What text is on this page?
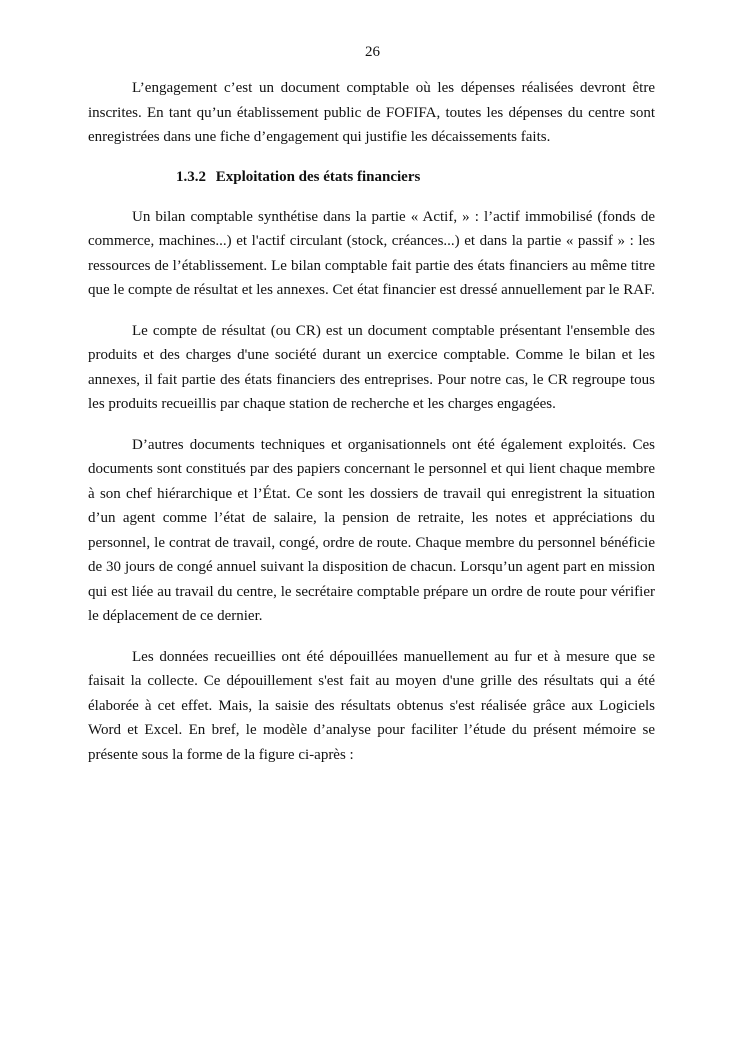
26

L’engagement c’est un document comptable où les dépenses réalisées devront être inscrites. En tant qu’un établissement public de FOFIFA, toutes les dépenses du centre sont enregistrées dans une fiche d’engagement qui justifie les décaissements faits.

1.3.2 Exploitation des états financiers

Un bilan comptable synthétise dans la partie « Actif, » : l’actif immobilisé (fonds de commerce, machines...) et l'actif circulant (stock, créances...) et dans la partie « passif » : les ressources de l’établissement. Le bilan comptable fait partie des états financiers au même titre que le compte de résultat et les annexes. Cet état financier est dressé annuellement par le RAF.

Le compte de résultat (ou CR) est un document comptable présentant l'ensemble des produits et des charges d'une société durant un exercice comptable. Comme le bilan et les annexes, il fait partie des états financiers des entreprises. Pour notre cas, le CR regroupe tous les produits recueillis par chaque station de recherche et les charges engagées.

D’autres documents techniques et organisationnels ont été également exploités. Ces documents sont constitués par des papiers concernant le personnel et qui lient chaque membre à son chef hiérarchique et l’État. Ce sont les dossiers de travail qui enregistrent la situation d’un agent comme l’état de salaire, la pension de retraite, les notes et appréciations du personnel, le contrat de travail, congé, ordre de route. Chaque membre du personnel bénéficie de 30 jours de congé annuel suivant la disposition de chacun. Lorsqu’un agent part en mission qui est liée au travail du centre, le secrétaire comptable prépare un ordre de route pour vérifier le déplacement de ce dernier.

Les données recueillies ont été dépouillées manuellement au fur et à mesure que se faisait la collecte. Ce dépouillement s'est fait au moyen d'une grille des résultats qui a été élaborée à cet effet. Mais, la saisie des résultats obtenus s'est réalisée grâce aux Logiciels Word et Excel. En bref, le modèle d’analyse pour faciliter l’étude du présent mémoire se présente sous la forme de la figure ci-après :
